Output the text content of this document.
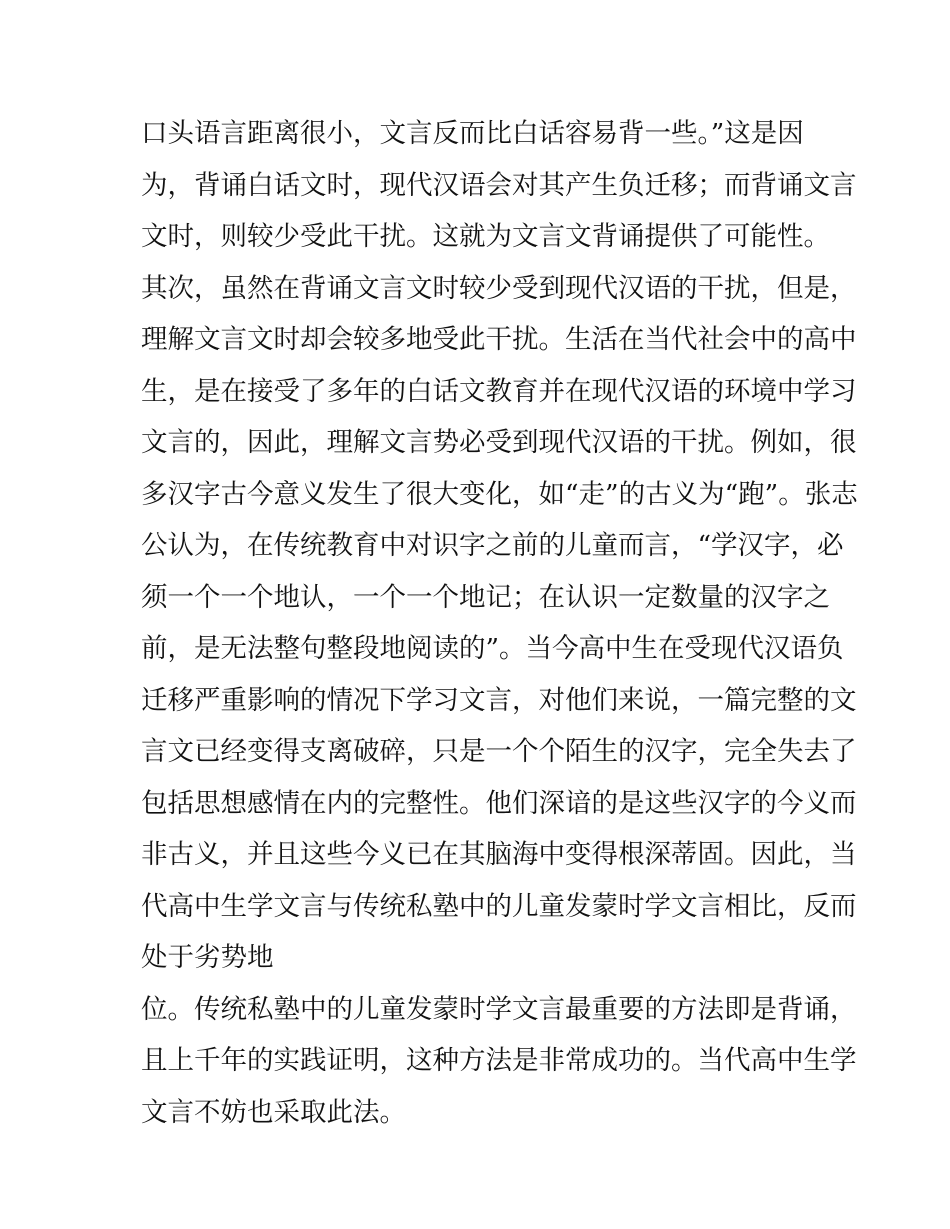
口头语言距离很小，文言反而比白话容易背一些。”这是因
为，背诵白话文时，现代汉语会对其产生负迁移；而背诵文言
文时，则较少受此干扰。这就为文言文背诵提供了可能性。
其次，虽然在背诵文言文时较少受到现代汉语的干扰，但是，
理解文言文时却会较多地受此干扰。生活在当代社会中的高中
生，是在接受了多年的白话文教育并在现代汉语的环境中学习
文言的，因此，理解文言势必受到现代汉语的干扰。例如，很
多汉字古今意义发生了很大变化，如“走”的古义为“跑”。张志
公认为，在传统教育中对识字之前的儿童而言，“学汉字，必
须一个一个地认，一个一个地记；在认识一定数量的汉字之
前，是无法整句整段地阅读的”。当今高中生在受现代汉语负
迁移严重影响的情况下学习文言，对他们来说，一篇完整的文
言文已经变得支离破碎，只是一个个陌生的汉字，完全失去了
包括思想感情在内的完整性。他们深谙的是这些汉字的今义而
非古义，并且这些今义已在其脑海中变得根深蒂固。因此，当
代高中生学文言与传统私塾中的儿童发蒙时学文言相比，反而
处于劣势地
位。传统私塾中的儿童发蒙时学文言最重要的方法即是背诵，
且上千年的实践证明，这种方法是非常成功的。当代高中生学
文言不妨也采取此法。
